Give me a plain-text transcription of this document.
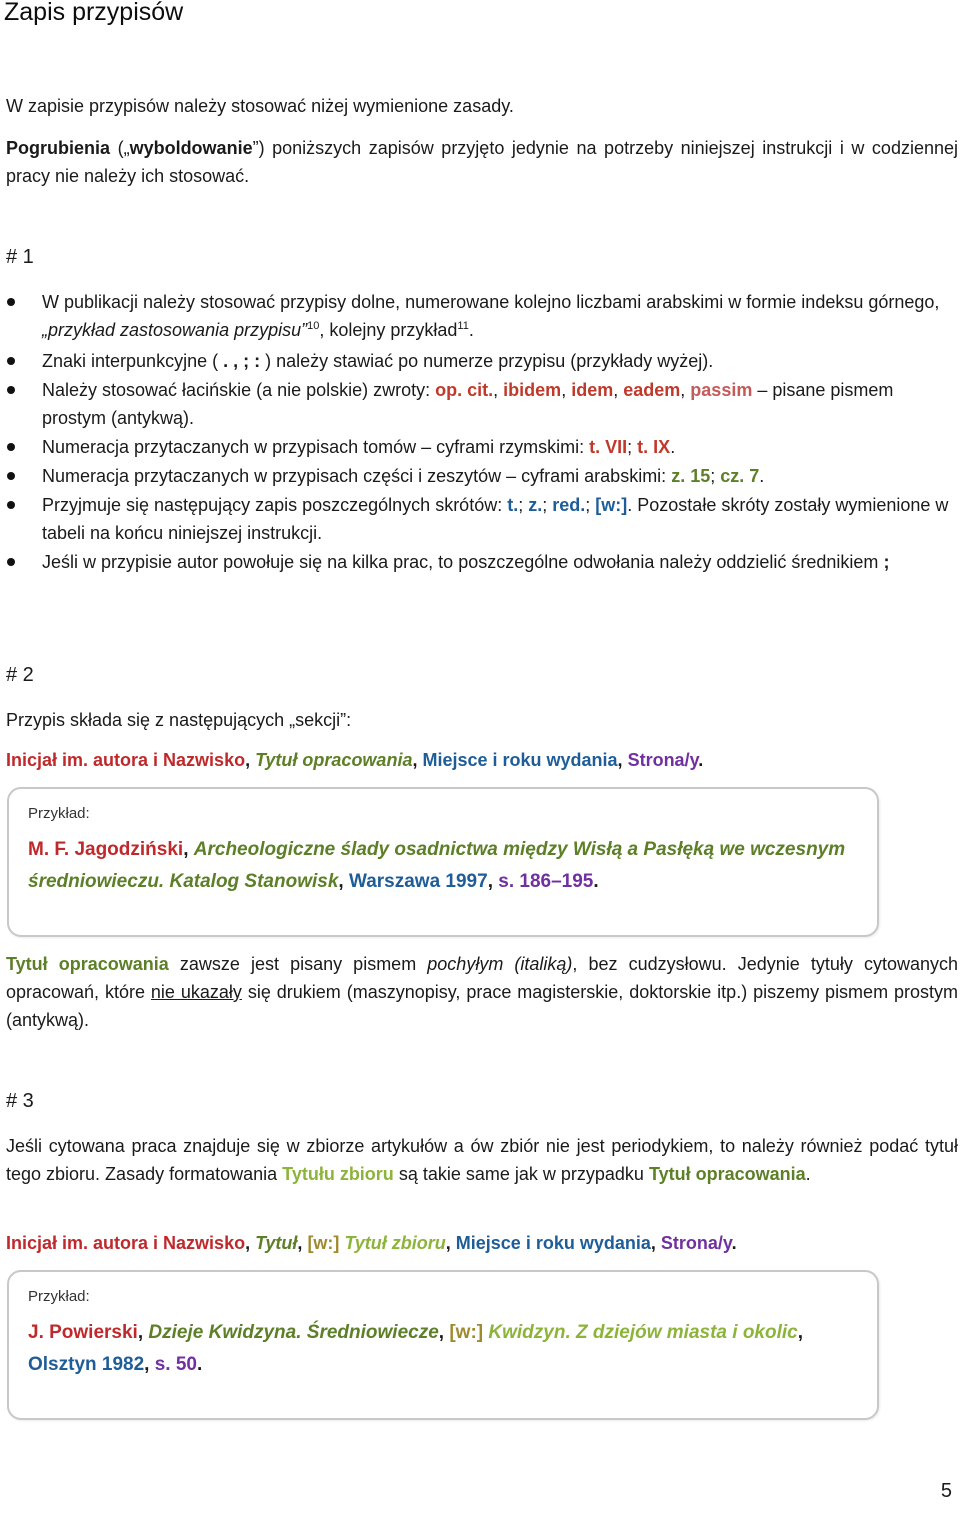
Zapis przypisów

W zapisie przypisów należy stosować niżej wymienione zasady.

Pogrubienia („wyboldowanie”) poniższych zapisów przyjęto jedynie na potrzeby niniejszej instrukcji i w codziennej pracy nie należy ich stosować.

# 1
W publikacji należy stosować przypisy dolne, numerowane kolejno liczbami arabskimi w formie indeksu górnego, „przykład zastosowania przypisu”$^{10}$, kolejny przykład$^{11}$.
Znaki interpunkcyjne ( . , ; : ) należy stawiać po numerze przypisu (przykłady wyżej).
Należy stosować łacińskie (a nie polskie) zwroty: op. cit., ibidem, idem, eadem, passim – pisane pismem prostym (antykwą).
Numeracja przytaczanych w przypisach tomów – cyframi rzymskimi: t. VII; t. IX.
Numeracja przytaczanych w przypisach części i zeszytów – cyframi arabskimi: z. 15; cz. 7.
Przyjmuje się następujący zapis poszczególnych skrótów: t.; z.; red.; [w:]. Pozostałe skróty zostały wymienione w tabeli na końcu niniejszej instrukcji.
Jeśli w przypisie autor powołuje się na kilka prac, to poszczególne odwołania należy oddzielić średnikiem ;
# 2

Przypis składa się z następujących „sekcji”:

Inicjał im. autora i Nazwisko, Tytuł opracowania, Miejsce i roku wydania, Strona/y.

Przykład:
M. F. Jagodziński, Archeologiczne ślady osadnictwa między Wisłą a Pasłęką we wczesnym średniowieczu. Katalog Stanowisk, Warszawa 1997, s. 186–195.

Tytuł opracowania zawsze jest pisany pismem pochyłym (italiką), bez cudzysłowu. Jedynie tytuły cytowanych opracowań, które nie ukazały się drukiem (maszynopisy, prace magisterskie, doktorskie itp.) piszemy pismem prostym (antykwą).

# 3

Jeśli cytowana praca znajduje się w zbiorze artykułów a ów zbiór nie jest periodykiem, to należy również podać tytuł tego zbioru. Zasady formatowania Tytułu zbioru są takie same jak w przypadku Tytuł opracowania.

Inicjał im. autora i Nazwisko, Tytuł, [w:] Tytuł zbioru, Miejsce i roku wydania, Strona/y.

Przykład:
J. Powierski, Dzieje Kwidzyna. Średniowiecze, [w:] Kwidzyn. Z dziejów miasta i okolic, Olsztyn 1982, s. 50.
5
